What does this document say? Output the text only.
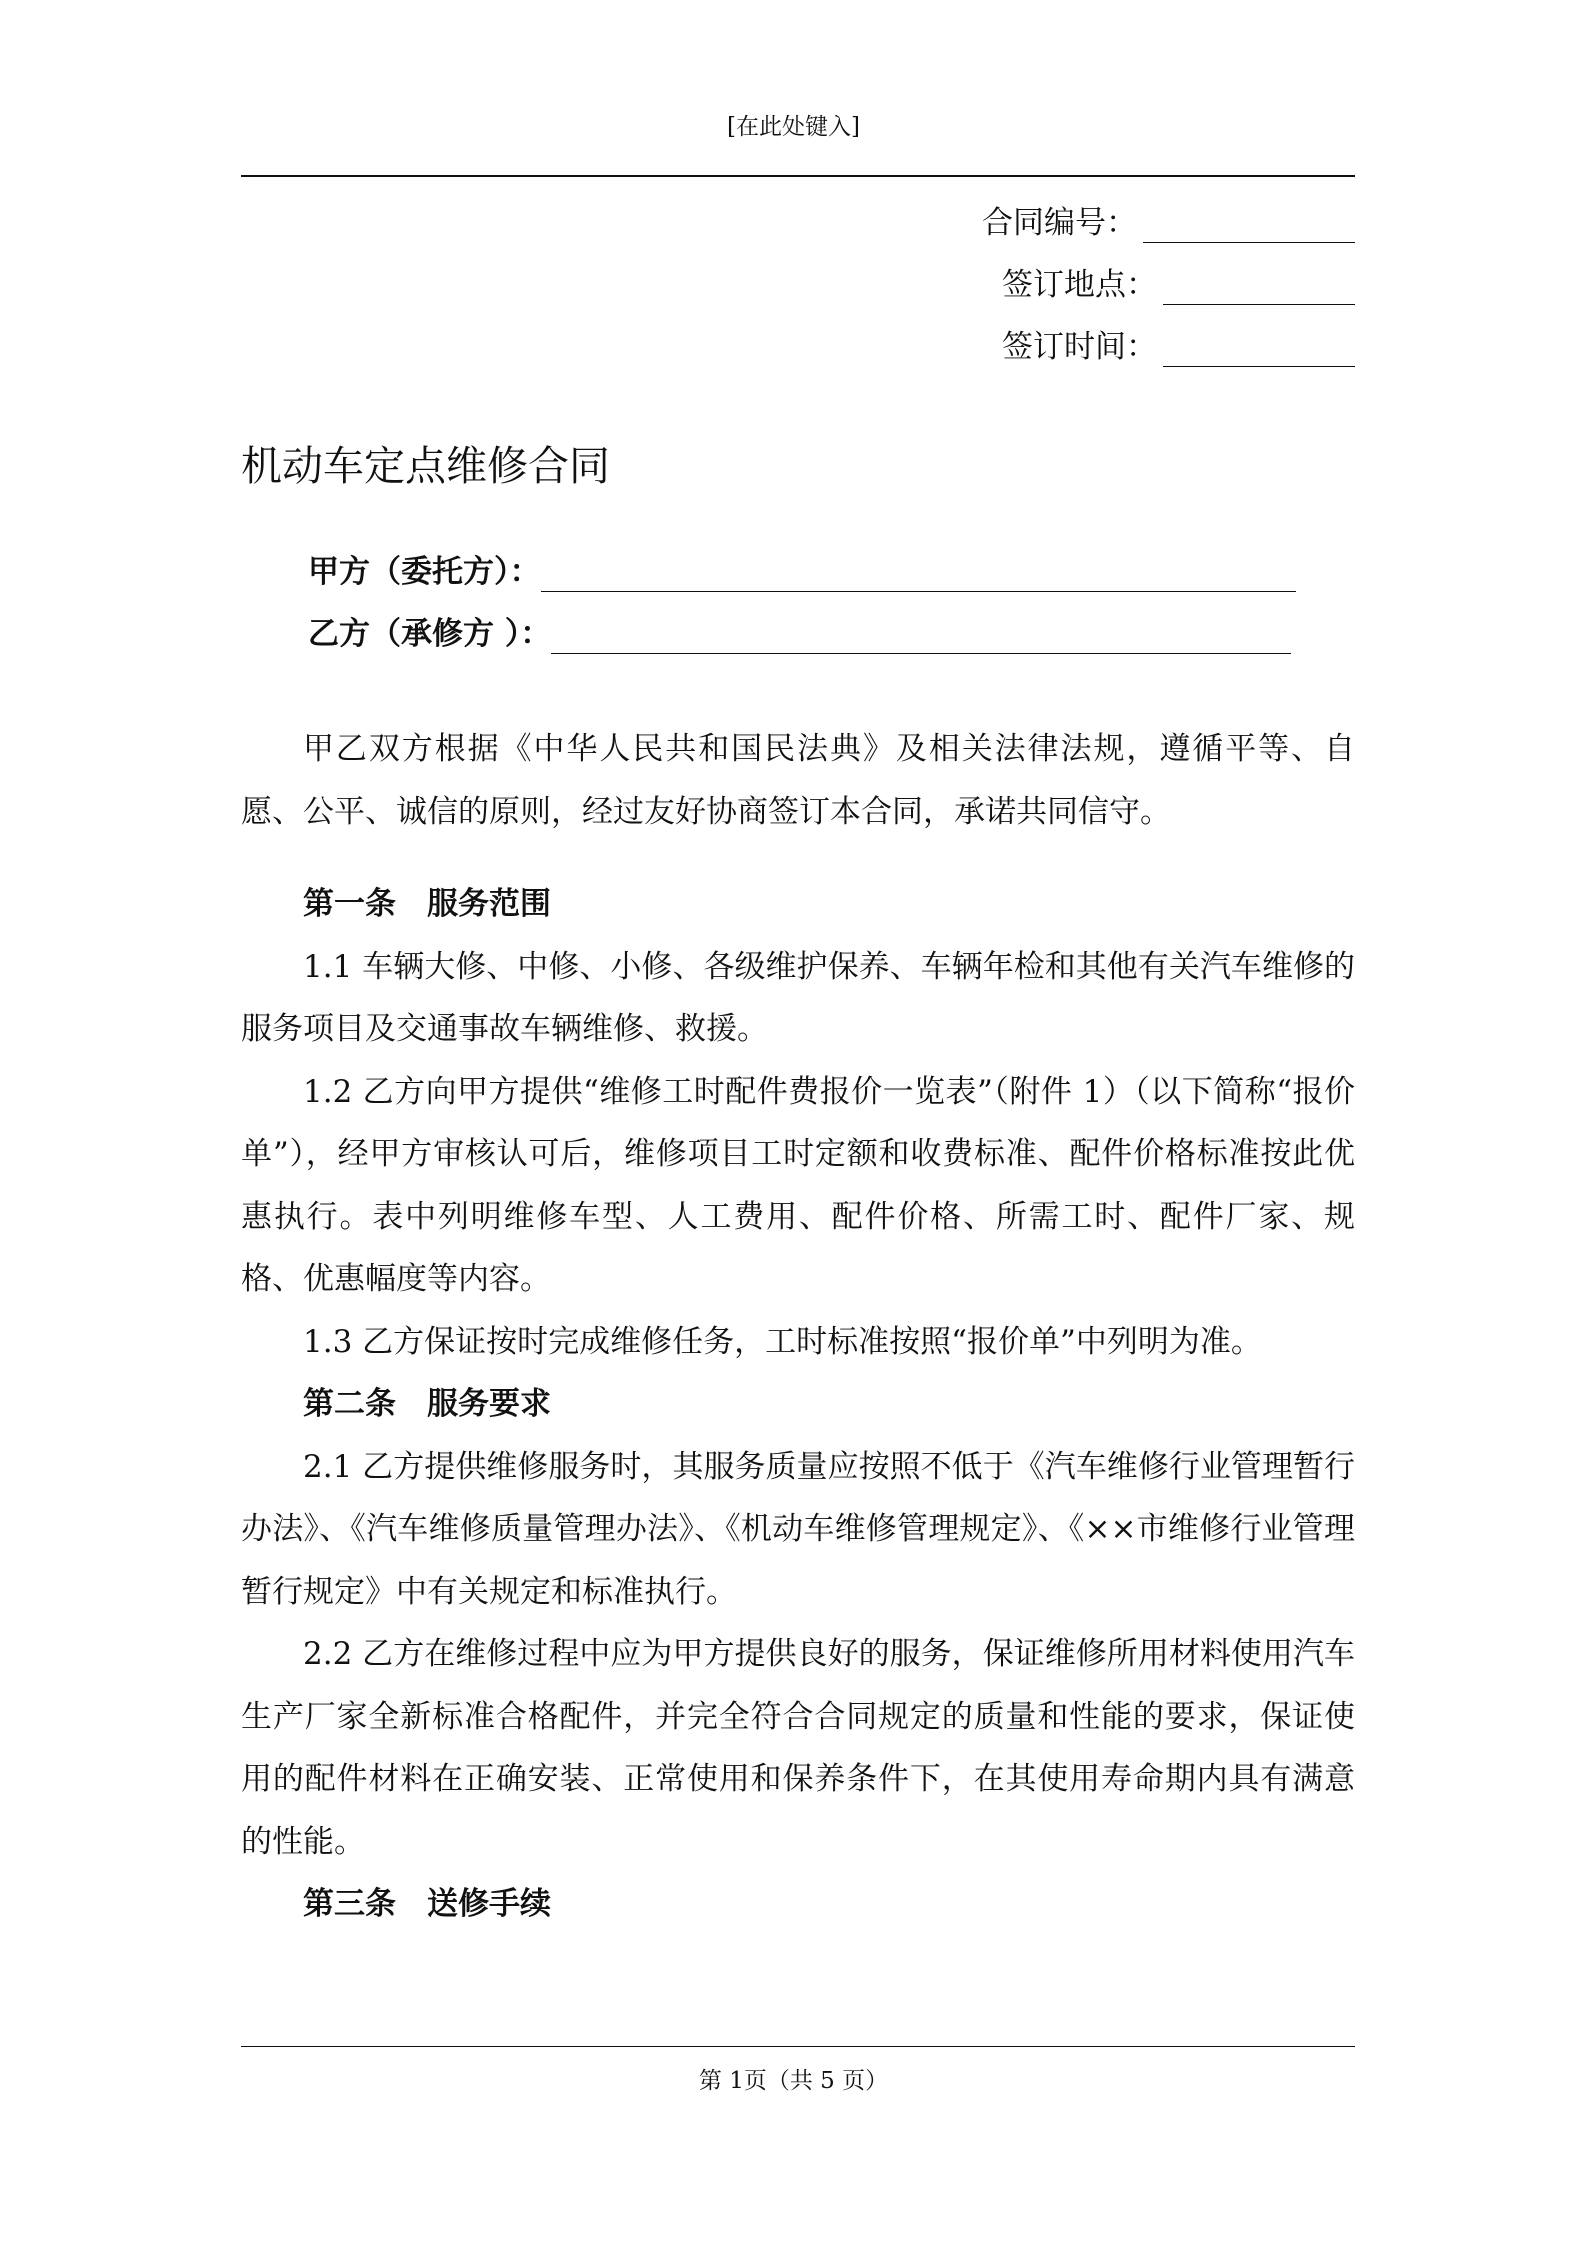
[在此处键入]
合同编号：
签订地点：
签订时间：
机动车定点维修合同
甲方（委托方）：
乙方（承修方 ）：

甲乙双方根据《中华人民共和国民法典》及相关法律法规，遵循平等、自愿、公平、诚信的原则，经过友好协商签订本合同，承诺共同信守。

第一条　服务范围

1.1 车辆大修、中修、小修、各级维护保养、车辆年检和其他有关汽车维修的服务项目及交通事故车辆维修、救援。

1.2 乙方向甲方提供“维修工时配件费报价一览表”（附件 1）（以下简称“报价单”），经甲方审核认可后，维修项目工时定额和收费标准、配件价格标准按此优惠执行。表中列明维修车型、人工费用、配件价格、所需工时、配件厂家、规格、优惠幅度等内容。

1.3 乙方保证按时完成维修任务，工时标准按照“报价单”中列明为准。

第二条　服务要求

2.1 乙方提供维修服务时，其服务质量应按照不低于《汽车维修行业管理暂行办法》、《汽车维修质量管理办法》、《机动车维修管理规定》、《××市维修行业管理暂行规定》中有关规定和标准执行。

2.2 乙方在维修过程中应为甲方提供良好的服务，保证维修所用材料使用汽车生产厂家全新标准合格配件，并完全符合合同规定的质量和性能的要求，保证使用的配件材料在正确安装、正常使用和保养条件下，在其使用寿命期内具有满意的性能。

第三条　送修手续

第 1页（共 5 页）
